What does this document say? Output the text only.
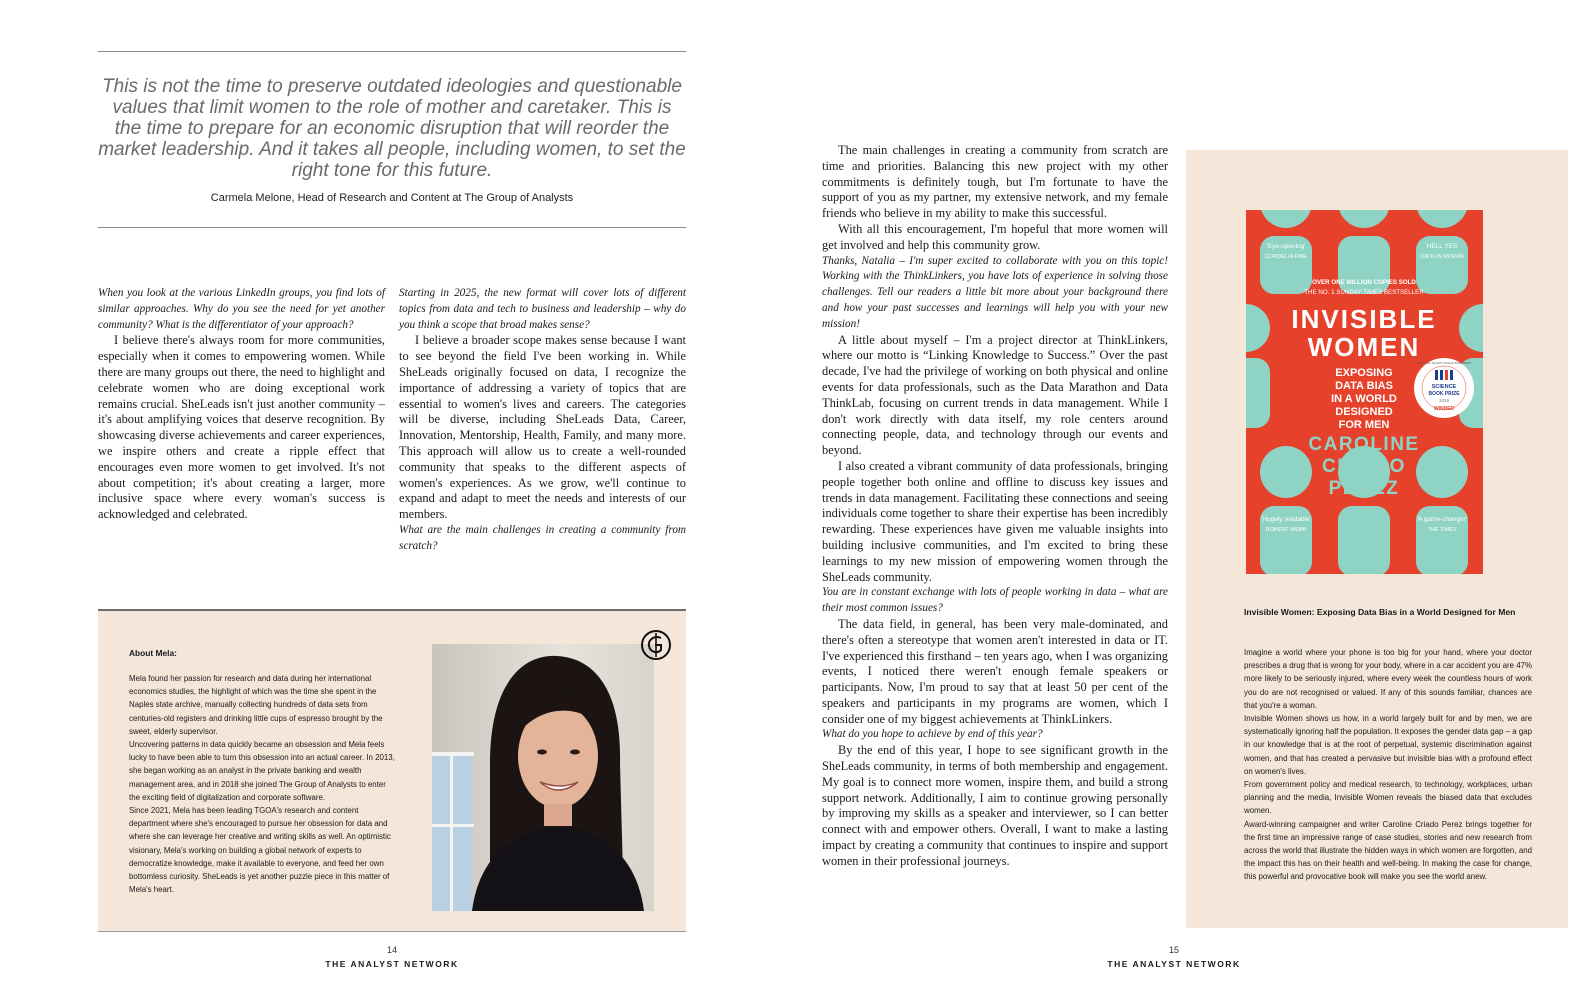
This is not the time to preserve outdated ideologies and questionable values that limit women to the role of mother and caretaker. This is the time to prepare for an economic disruption that will reorder the market leadership. And it takes all people, including women, to set the right tone for this future.
Carmela Melone, Head of Research and Content at The Group of Analysts

When you look at the various LinkedIn groups, you find lots of similar approaches. Why do you see the need for yet another community? What is the differentiator of your approach?

I believe there's always room for more communities, especially when it comes to empowering women. While there are many groups out there, the need to highlight and celebrate women who are doing exceptional work remains crucial. SheLeads isn't just another community – it's about amplifying voices that deserve recognition. By showcasing diverse achievements and career experiences, we inspire others and create a ripple effect that encourages even more women to get involved. It's not about competition; it's about creating a larger, more inclusive space where every woman's success is acknowledged and celebrated.

Starting in 2025, the new format will cover lots of different topics from data and tech to business and leadership – why do you think a scope that broad makes sense?

I believe a broader scope makes sense because I want to see beyond the field I've been working in. While SheLeads originally focused on data, I recognize the importance of addressing a variety of topics that are essential to women's lives and careers. The categories will be diverse, including SheLeads Data, Career, Innovation, Mentorship, Health, Family, and many more. This approach will allow us to create a well-rounded community that speaks to the different aspects of women's experiences. As we grow, we'll continue to expand and adapt to meet the needs and interests of our members.

What are the main challenges in creating a community from scratch?

About Mela:

Mela found her passion for research and data during her international economics studies, the highlight of which was the time she spent in the Naples state archive, manually collecting hundreds of data sets from centuries-old registers and drinking little cups of espresso brought by the sweet, elderly supervisor.

Uncovering patterns in data quickly became an obsession and Mela feels lucky to have been able to turn this obsession into an actual career. In 2013, she began working as an analyst in the private banking and wealth management area, and in 2018 she joined The Group of Analysts to enter the exciting field of digitalization and corporate software.

Since 2021, Mela has been leading TGOA's research and content department where she's encouraged to pursue her obsession for data and where she can leverage her creative and writing skills as well. An optimistic visionary, Mela's working on building a global network of experts to democratize knowledge, make it available to everyone, and feed her own bottomless curiosity. SheLeads is yet another puzzle piece in this matter of Mela's heart.

14
THE ANALYST NETWORK

The main challenges in creating a community from scratch are time and priorities. Balancing this new project with my other commitments is definitely tough, but I'm fortunate to have the support of you as my partner, my extensive network, and my female friends who believe in my ability to make this successful.

With all this encouragement, I'm hopeful that more women will get involved and help this community grow.

Thanks, Natalia – I'm super excited to collaborate with you on this topic! Working with the ThinkLinkers, you have lots of experience in solving those challenges. Tell our readers a little bit more about your background there and how your past successes and learnings will help you with your new mission!

A little about myself – I'm a project director at ThinkLinkers, where our motto is “Linking Knowledge to Success.” Over the past decade, I've had the privilege of working on both physical and online events for data professionals, such as the Data Marathon and Data ThinkLab, focusing on current trends in data management. While I don't work directly with data itself, my role centers around connecting people, data, and technology through our events and beyond.

I also created a vibrant community of data professionals, bringing people together both online and offline to discuss key issues and trends in data management. Facilitating these connections and seeing individuals come together to share their expertise has been incredibly rewarding. These experiences have given me valuable insights into building inclusive communities, and I'm excited to bring these learnings to my new mission of empowering women through the SheLeads community.

You are in constant exchange with lots of people working in data – what are their most common issues?

The data field, in general, has been very male-dominated, and there's often a stereotype that women aren't interested in data or IT. I've experienced this firsthand – ten years ago, when I was organizing events, I noticed there weren't enough female speakers or participants. Now, I'm proud to say that at least 50 per cent of the speakers and participants in my programs are women, which I consider one of my biggest achievements at ThinkLinkers.

What do you hope to achieve by end of this year?

By the end of this year, I hope to see significant growth in the SheLeads community, in terms of both membership and engagement. My goal is to connect more women, inspire them, and build a strong support network. Additionally, I aim to continue growing personally by improving my skills as a speaker and interviewer, so I can better connect with and empower others. Overall, I want to make a lasting impact by creating a community that continues to inspire and support women in their professional journeys.

'Eye-opening'
CORDELIA FINE
'HELL YES'
CAITLIN MORAN
OVER ONE MILLION COPIES SOLD
THE NO. 1 SUNDAY TIMES BESTSELLER
INVISIBLE
WOMEN
EXPOSING
DATA BIAS
IN A WORLD
DESIGNED
FOR MEN
CAROLINE
CRIADO
PEREZ
'Hugely readable'
ROBERT WEBB
'A game-changer'
THE TIMES
THE ROYAL SOCIETY INSIGHT INVESTMENT
SCIENCE
BOOK PRIZE
2019
WINNER
Invisible Women: Exposing Data Bias in a World Designed for Men

Imagine a world where your phone is too big for your hand, where your doctor prescribes a drug that is wrong for your body, where in a car accident you are 47% more likely to be seriously injured, where every week the countless hours of work you do are not recognised or valued. If any of this sounds familiar, chances are that you're a woman.

Invisible Women shows us how, in a world largely built for and by men, we are systematically ignoring half the population. It exposes the gender data gap – a gap in our knowledge that is at the root of perpetual, systemic discrimination against women, and that has created a pervasive but invisible bias with a profound effect on women's lives.

From government policy and medical research, to technology, workplaces, urban planning and the media, Invisible Women reveals the biased data that excludes women.

Award-winning campaigner and writer Caroline Criado Perez brings together for the first time an impressive range of case studies, stories and new research from across the world that illustrate the hidden ways in which women are forgotten, and the impact this has on their health and well-being. In making the case for change, this powerful and provocative book will make you see the world anew.

15
THE ANALYST NETWORK
